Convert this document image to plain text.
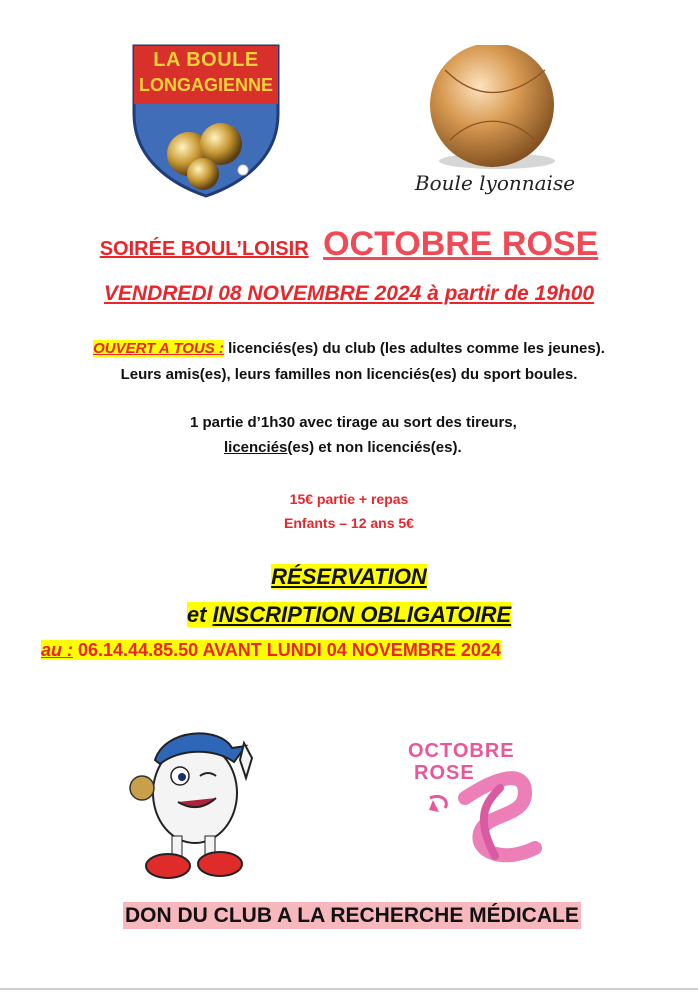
LA BOULE
LONGAGIENNE
Boule lyonnaise
SOIRÉE BOUL’LOISIR OCTOBRE ROSE
VENDREDI 08 NOVEMBRE 2024 à partir de 19h00
OUVERT A TOUS : licenciés(es) du club (les adultes comme les jeunes).
Leurs amis(es), leurs familles non licenciés(es) du sport boules.
1 partie d’1h30 avec tirage au sort des tireurs,
licenciés(es) et non licenciés(es).
15€ partie + repas
Enfants – 12 ans 5€
RÉSERVATION
et INSCRIPTION OBLIGATOIRE
au : 06.14.44.85.50 AVANT LUNDI 04 NOVEMBRE 2024
OCTOBRE
ROSE
DON DU CLUB A LA RECHERCHE MÉDICALE
